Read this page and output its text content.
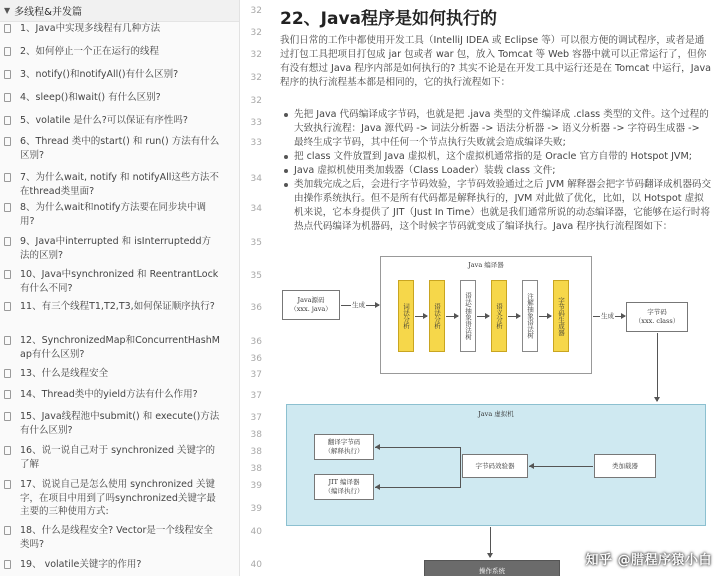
▼ 多线程&并发篇
1、Java中实现多线程有几种方法
2、如何停止一个正在运行的线程
3、notify()和notifyAll()有什么区别?
4、sleep()和wait() 有什么区别?
5、volatile 是什么?可以保证有序性吗?
6、Thread 类中的start() 和 run() 方法有什么区别?
7、为什么wait, notify 和 notifyAll这些方法不在thread类里面?
8、为什么wait和notify方法要在同步块中调用?
9、Java中interrupted 和 isInterruptedd方法的区别?
10、Java中synchronized 和 ReentrantLock 有什么不同?
11、有三个线程T1,T2,T3,如何保证顺序执行?
12、SynchronizedMap和ConcurrentHashMap有什么区别?
13、什么是线程安全
14、Thread类中的yield方法有什么作用?
15、Java线程池中submit() 和 execute()方法有什么区别?
16、说一说自己对于 synchronized 关键字的了解
17、说说自己是怎么使用 synchronized 关键字，在项目中用到了吗synchronized关键字最主要的三种使用方式:
18、什么是线程安全? Vector是一个线程安全类吗?
19、 volatile关键字的作用?
32
32
32
32
32
33
33
34
34
35
35
36
36
36
37
37
37
38
38
38
39
39
40
40
22、Java程序是如何执行的

我们日常的工作中都使用开发工具（IntelliJ IDEA 或 Eclipse 等）可以很方便的调试程序，或者是通过打包工具把项目打包成 jar 包或者 war 包，放入 Tomcat 等 Web 容器中就可以正常运行了，但你有没有想过 Java 程序内部是如何执行的? 其实不论是在开发工具中运行还是在 Tomcat 中运行，Java 程序的执行流程基本都是相同的，它的执行流程如下：

先把 Java 代码编译成字节码，也就是把 .java 类型的文件编译成 .class 类型的文件。这个过程的大致执行流程：Java 源代码 -> 词法分析器 -> 语法分析器 -> 语义分析器 -> 字符码生成器 -> 最终生成字节码，其中任何一个节点执行失败就会造成编译失败;
把 class 文件放置到 Java 虚拟机，这个虚拟机通常指的是 Oracle 官方自带的 Hotspot JVM;
Java 虚拟机使用类加载器（Class Loader）装载 class 文件;
类加载完成之后，会进行字节码效验，字节码效验通过之后 JVM 解释器会把字节码翻译成机器码交由操作系统执行。但不是所有代码都是解释执行的，JVM 对此做了优化，比如，以 Hotspot 虚拟机来说，它本身提供了 JIT（Just In Time）也就是我们通常所说的动态编译器，它能够在运行时将热点代码编译为机器码，这个时候字节码就变成了编译执行。Java 程序执行流程图如下：
Java 编译器
Java源码
（xxx. java）	生成	词法分析	语法分析	语法/抽象语法树	语义分析	注解抽象语法树	字节码生成器	生成	字节码
（xxx. class）
Java 虚拟机
翻译字节码
（解释执行）
JIT 编译器
（编译执行）
字节码效验器	类加载器
操作系统
知乎 @腊程序猿小白
